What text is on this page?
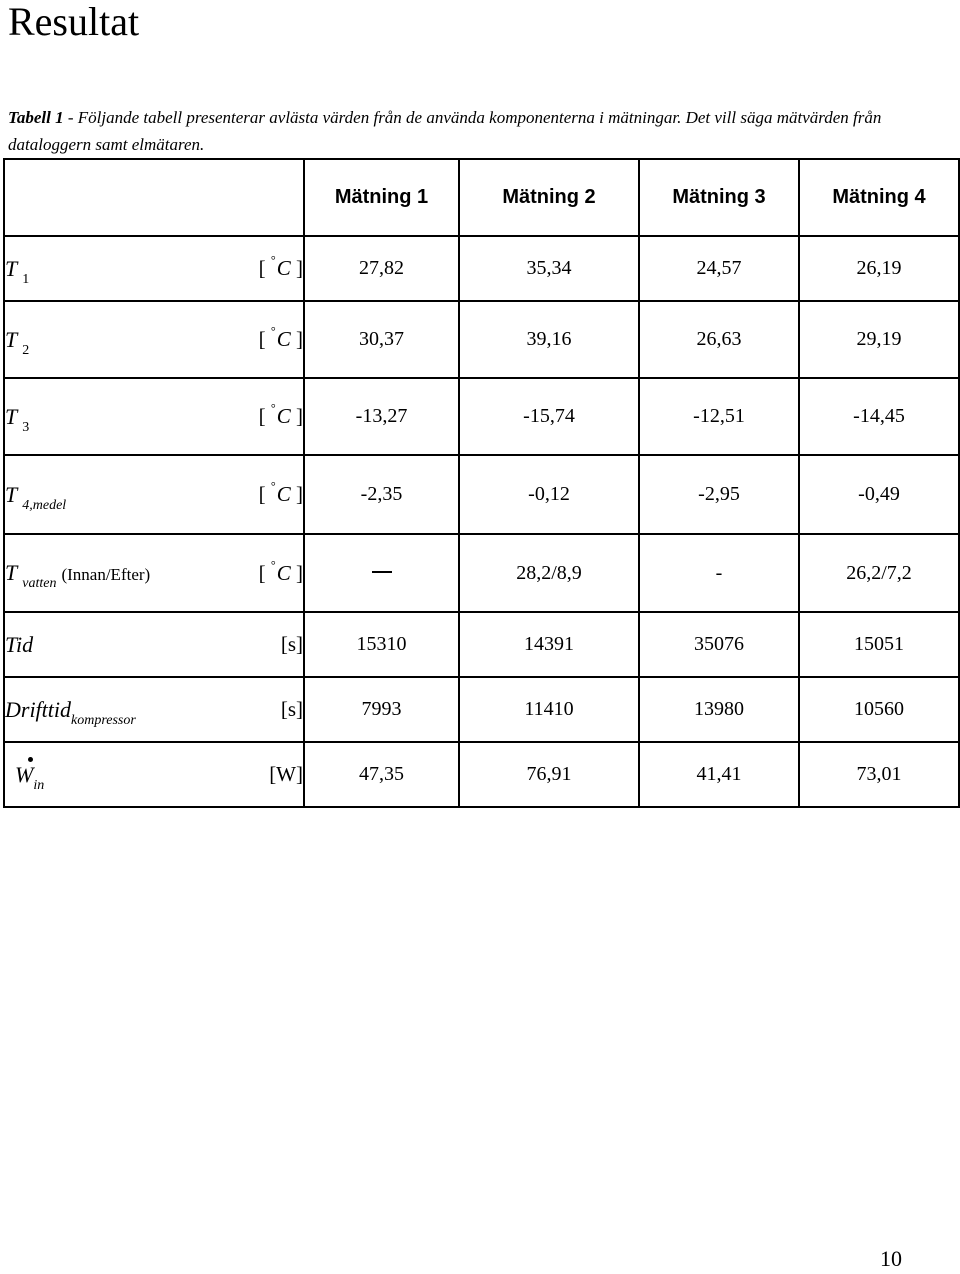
Resultat
Tabell 1 - Följande tabell presenterar avlästa värden från de använda komponenterna i mätningar. Det vill säga mätvärden från dataloggern samt elmätaren.
	Mätning 1	Mätning 2	Mätning 3	Mätning 4

T $_1$ [ °C ]	27,82	35,34	24,57	26,19

T $_2$ [ °C ]	30,37	39,16	26,63	29,19

T $_3$ [ °C ]	-13,27	-15,74	-12,51	-14,45

T $_{4,medel}$ [ °C ]	-2,35	-0,12	-2,95	-0,49

T $_{vatten}$ (Innan/Efter) [ °C ]		28,2/8,9	-	26,2/7,2

Tid [s]	15310	14391	35076	15051

Drifttid$_{kompressor}$ [s]	7993	11410	13980	10560

$W_{in}$ [W]	47,35	76,91	41,41	73,01
10
